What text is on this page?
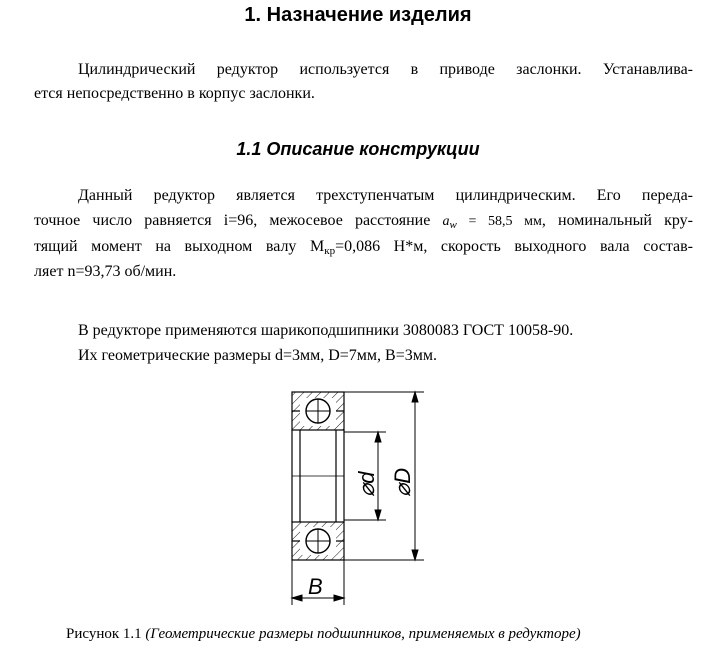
1. Назначение изделия
Цилиндрический редуктор используется в приводе заслонки. Устанавлива-
ется непосредственно в корпус заслонки.
1.1 Описание конструкции
Данный редуктор является трехступенчатым цилиндрическим. Его переда-
точное число равняется i=96, межосевое расстояние $a_w = 58,5$ мм, номинальный кру-
тящий момент на выходном валу $M_{кр}=0,086$ Н*м, скорость выходного вала состав-
ляет n=93,73 об/мин.
В редукторе применяются шарикоподшипники 3080083 ГОСТ 10058-90.
Их геометрические размеры d=3мм, D=7мм, B=3мм.
⌀d ⌀D
B
Рисунок 1.1 (Геометрические размеры подшипников, применяемых в редукторе)
